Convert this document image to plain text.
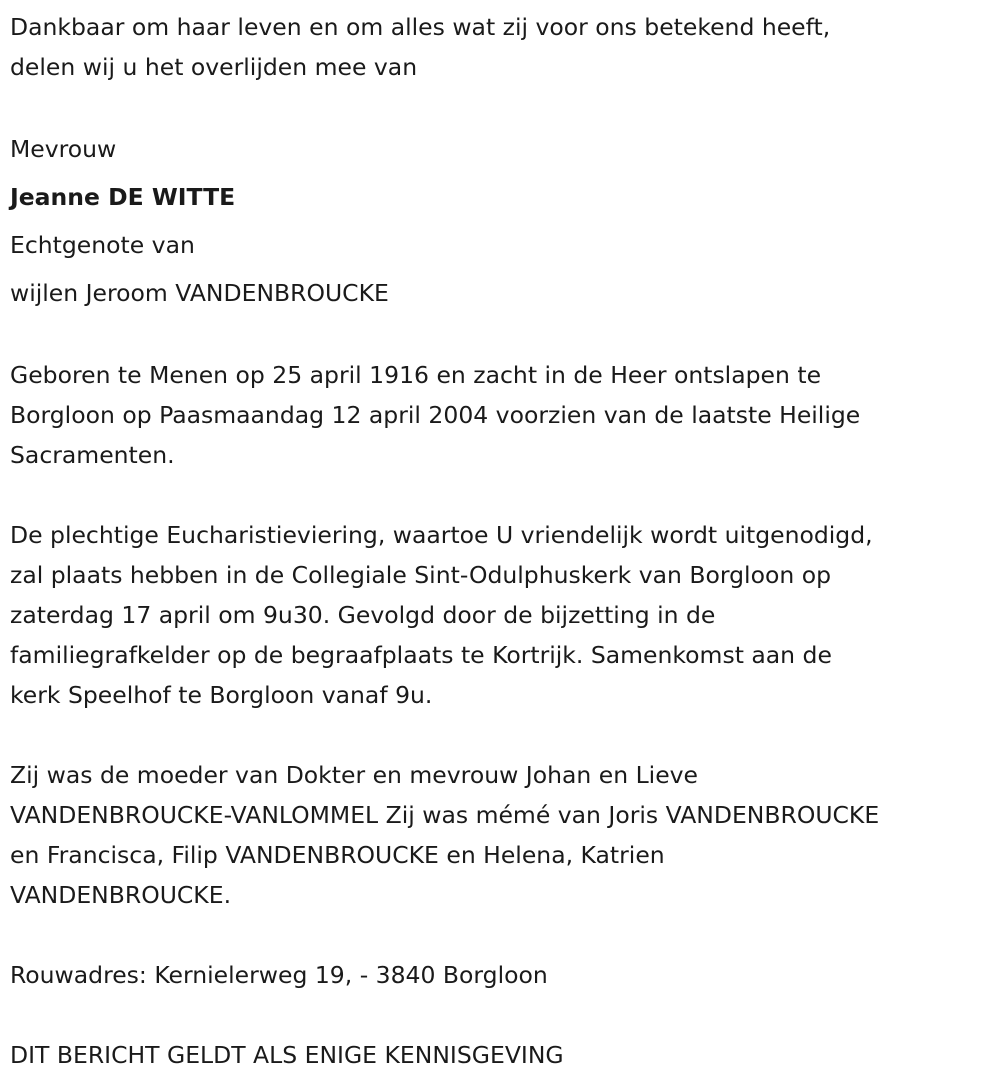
Dankbaar om haar leven en om alles wat zij voor ons betekend heeft,
delen wij u het overlijden mee van
Mevrouw
Jeanne DE WITTE
Echtgenote van
wijlen Jeroom VANDENBROUCKE
Geboren te Menen op 25 april 1916 en zacht in de Heer ontslapen te
Borgloon op Paasmaandag 12 april 2004 voorzien van de laatste Heilige
Sacramenten.
De plechtige Eucharistieviering, waartoe U vriendelijk wordt uitgenodigd,
zal plaats hebben in de Collegiale Sint-Odulphuskerk van Borgloon op
zaterdag 17 april om 9u30. Gevolgd door de bijzetting in de
familiegrafkelder op de begraafplaats te Kortrijk. Samenkomst aan de
kerk Speelhof te Borgloon vanaf 9u.
Zij was de moeder van Dokter en mevrouw Johan en Lieve
VANDENBROUCKE-VANLOMMEL Zij was mémé van Joris VANDENBROUCKE
en Francisca, Filip VANDENBROUCKE en Helena, Katrien
VANDENBROUCKE.
Rouwadres: Kernielerweg 19, - 3840 Borgloon
DIT BERICHT GELDT ALS ENIGE KENNISGEVING
